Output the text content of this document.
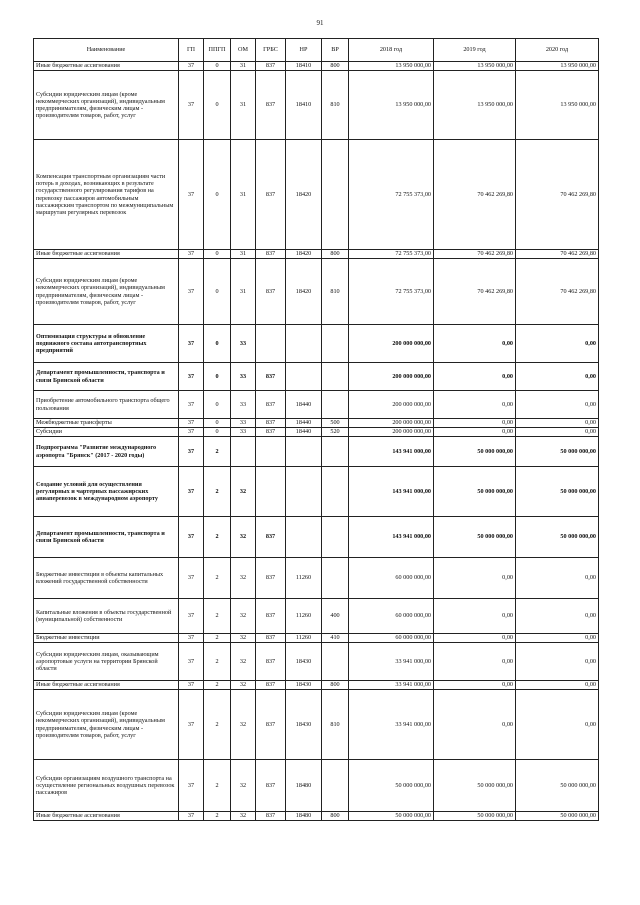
91
Наименование	ГП	ППГП	ОМ	ГРБС	НР	ВР	2018 год	2019 год	2020 год
Иные бюджетные ассигнования	37	0	31	837	18410	800	13 950 000,00	13 950 000,00	13 950 000,00
Субсидии юридическим лицам (кроме некоммерческих организаций), индивидуальным предпринимателям, физическим лицам - производителям товаров, работ, услуг	37	0	31	837	18410	810	13 950 000,00	13 950 000,00	13 950 000,00
Компенсация транспортным организациям части потерь в доходах, возникающих в результате государственного регулирования тарифов на перевозку пассажиров автомобильным пассажирским транспортом по межмуниципальным маршрутам регулярных перевозок	37	0	31	837	18420		72 755 373,00	70 462 269,80	70 462 269,80
Иные бюджетные ассигнования	37	0	31	837	18420	800	72 755 373,00	70 462 269,80	70 462 269,80
Субсидии юридическим лицам (кроме некоммерческих организаций), индивидуальным предпринимателям, физическим лицам - производителям товаров, работ, услуг	37	0	31	837	18420	810	72 755 373,00	70 462 269,80	70 462 269,80
Оптимизация структуры и обновление подвижного состава автотранспортных предприятий	37	0	33				200 000 000,00	0,00	0,00
Департамент промышленности, транспорта и связи Брянской области	37	0	33	837			200 000 000,00	0,00	0,00
Приобретение автомобильного транспорта общего пользования	37	0	33	837	18440		200 000 000,00	0,00	0,00
Межбюджетные трансферты	37	0	33	837	18440	500	200 000 000,00	0,00	0,00
Субсидии	37	0	33	837	18440	520	200 000 000,00	0,00	0,00
Подпрограмма "Развитие международного аэропорта "Брянск" (2017 - 2020 годы)	37	2					143 941 000,00	50 000 000,00	50 000 000,00
Создание условий для осуществления регулярных и чартерных пассажирских авиаперевозок в международном аэропорту	37	2	32				143 941 000,00	50 000 000,00	50 000 000,00
Департамент промышленности, транспорта и связи Брянской области	37	2	32	837			143 941 000,00	50 000 000,00	50 000 000,00
Бюджетные инвестиции в объекты капитальных вложений государственной собственности	37	2	32	837	11260		60 000 000,00	0,00	0,00
Капитальные вложения в объекты государственной (муниципальной) собственности	37	2	32	837	11260	400	60 000 000,00	0,00	0,00
Бюджетные инвестиции	37	2	32	837	11260	410	60 000 000,00	0,00	0,00
Субсидии юридическим лицам, оказывающим аэропортовые услуги на территории Брянской области	37	2	32	837	18430		33 941 000,00	0,00	0,00
Иные бюджетные ассигнования	37	2	32	837	18430	800	33 941 000,00	0,00	0,00
Субсидии юридическим лицам (кроме некоммерческих организаций), индивидуальным предпринимателям, физическим лицам - производителям товаров, работ, услуг	37	2	32	837	18430	810	33 941 000,00	0,00	0,00
Субсидии организациям воздушного транспорта на осуществление региональных воздушных перевозок пассажиров	37	2	32	837	18480		50 000 000,00	50 000 000,00	50 000 000,00
Иные бюджетные ассигнования	37	2	32	837	18480	800	50 000 000,00	50 000 000,00	50 000 000,00
